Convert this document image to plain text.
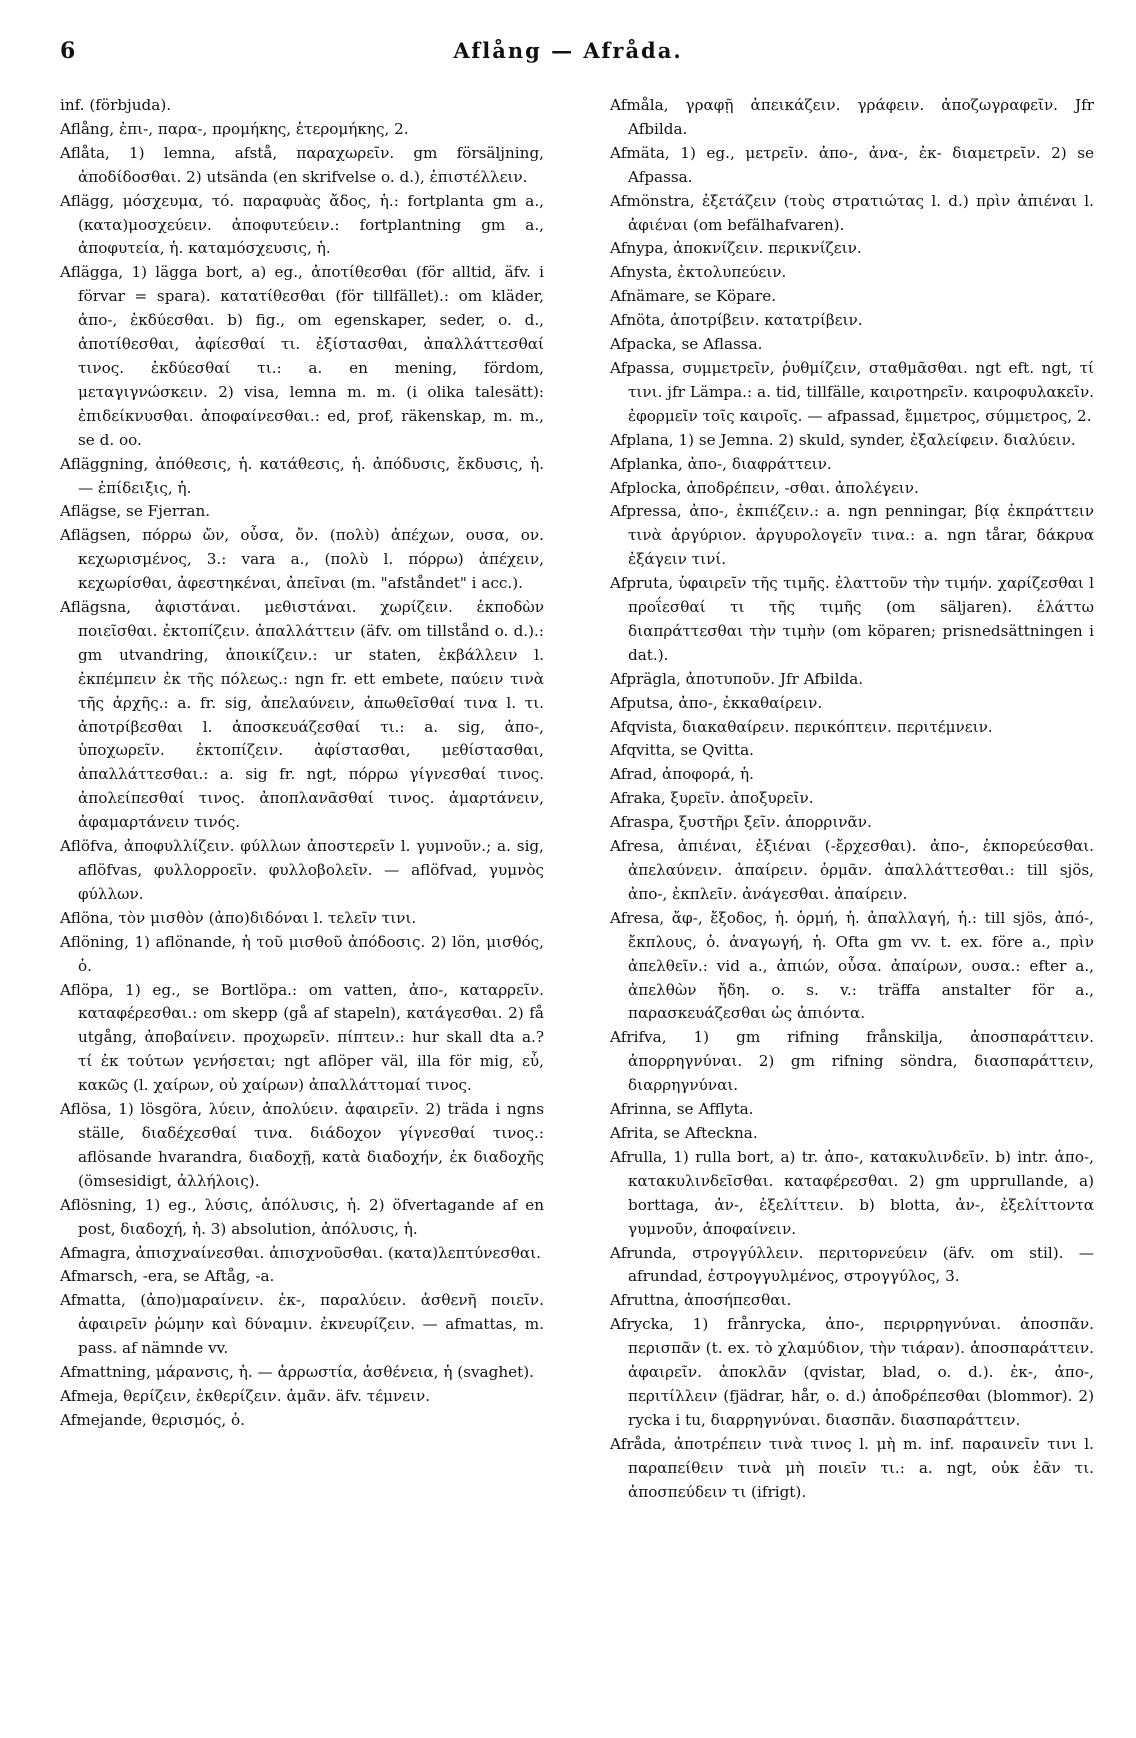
6	Aflång — Afråda.

inf. (förbjuda).

Aflång, ἐπι-, παρα-, προμήκης, ἑτερομήκης, 2.

Aflåta, 1) lemna, afstå, παραχωρεῖν. gm försäljning, ἀποδίδοσθαι. 2) utsända (en skrifvelse o. d.), ἐπιστέλλειν.

Aflägg, μόσχευμα, τό. παραφυὰς ἄδος, ἡ.: fortplanta gm a., (κατα)μοσχεύειν. ἀποφυτεύειν.: fortplantning gm a., ἀποφυτεία, ἡ. καταμόσχευσις, ἡ.

Aflägga, 1) lägga bort, a) eg., ἀποτίθεσθαι (för alltid, äfv. i förvar = spara). κατατίθεσθαι (för tillfället).: om kläder, ἀπο-, ἐκδύεσθαι. b) fig., om egenskaper, seder, o. d., ἀποτίθεσθαι, ἀφίεσθαί τι. ἐξίστασθαι, ἀπαλλάττεσθαί τινος. ἐκδύεσθαί τι.: a. en mening, fördom, μεταγιγνώσκειν. 2) visa, lemna m. m. (i olika talesätt): ἐπιδείκνυσθαι. ἀποφαίνεσθαι.: ed, prof, räkenskap, m. m., se d. oo.

Afläggning, ἀπόθεσις, ἡ. κατάθεσις, ἡ. ἀπόδυσις, ἔκδυσις, ἡ. — ἐπίδειξις, ἡ.

Aflägse, se Fjerran.

Aflägsen, πόρρω ὤν, οὖσα, ὄν. (πολὺ) ἀπέχων, ουσα, ον. κεχωρισμένος, 3.: vara a., (πολὺ l. πόρρω) ἀπέχειν, κεχωρίσθαι, ἀφεστηκέναι, ἀπεῖναι (m. "afståndet" i acc.).

Aflägsna, ἀφιστάναι. μεθιστάναι. χωρίζειν. ἐκποδὼν ποιεῖσθαι. ἐκτοπίζειν. ἀπαλλάττειν (äfv. om tillstånd o. d.).: gm utvandring, ἀποικίζειν.: ur staten, ἐκβάλλειν l. ἐκπέμπειν ἐκ τῆς πόλεως.: ngn fr. ett embete, παύειν τινὰ τῆς ἀρχῆς.: a. fr. sig, ἀπελαύνειν, ἀπωθεῖσθαί τινα l. τι. ἀποτρίβεσθαι l. ἀποσκευάζεσθαί τι.: a. sig, ἀπο-, ὑποχωρεῖν. ἐκτοπίζειν. ἀφίστασθαι, μεθίστασθαι, ἀπαλλάττεσθαι.: a. sig fr. ngt, πόρρω γίγνεσθαί τινος. ἀπολείπεσθαί τινος. ἀποπλανᾶσθαί τινος. ἁμαρτάνειν, ἀφαμαρτάνειν τινός.

Aflöfva, ἀποφυλλίζειν. φύλλων ἀποστερεῖν l. γυμνοῦν.; a. sig, aflöfvas, φυλλορροεῖν. φυλλοβολεῖν. — aflöfvad, γυμνὸς φύλλων.

Aflöna, τὸν μισθὸν (ἀπο)διδόναι l. τελεῖν τινι.

Aflöning, 1) aflönande, ἡ τοῦ μισθοῦ ἀπόδοσις. 2) lön, μισθός, ὁ.

Aflöpa, 1) eg., se Bortlöpa.: om vatten, ἀπο-, καταρρεῖν. καταφέρεσθαι.: om skepp (gå af stapeln), κατάγεσθαι. 2) få utgång, ἀποβαίνειν. προχωρεῖν. πίπτειν.: hur skall dta a.? τί ἐκ τούτων γενήσεται; ngt aflöper väl, illa för mig, εὖ, κακῶς (l. χαίρων, οὐ χαίρων) ἀπαλλάττομαί τινος.

Aflösa, 1) lösgöra, λύειν, ἀπολύειν. ἀφαιρεῖν. 2) träda i ngns ställe, διαδέχεσθαί τινα. διάδοχον γίγνεσθαί τινος.: aflösande hvarandra, διαδοχῇ, κατὰ διαδοχήν, ἐκ διαδοχῆς (ömsesidigt, ἀλλήλοις).

Aflösning, 1) eg., λύσις, ἀπόλυσις, ἡ. 2) öfvertagande af en post, διαδοχή, ἡ. 3) absolution, ἀπόλυσις, ἡ.

Afmagra, ἀπισχναίνεσθαι. ἀπισχνοῦσθαι. (κατα)λεπτύνεσθαι.

Afmarsch, -era, se Aftåg, -a.

Afmatta, (ἀπο)μαραίνειν. ἐκ-, παραλύειν. ἀσθενῆ ποιεῖν. ἀφαιρεῖν ῥώμην καὶ δύναμιν. ἐκνευρίζειν. — afmattas, m. pass. af nämnde vv.

Afmattning, μάρανσις, ἡ. — ἀρρωστία, ἀσθένεια, ἡ (svaghet).

Afmeja, θερίζειν, ἐκθερίζειν. ἀμᾶν. äfv. τέμνειν.

Afmejande, θερισμός, ὁ.

Afmåla, γραφῇ ἀπεικάζειν. γράφειν. ἀποζωγραφεῖν. Jfr Afbilda.

Afmäta, 1) eg., μετρεῖν. ἀπο-, ἀνα-, ἐκ- διαμετρεῖν. 2) se Afpassa.

Afmönstra, ἐξετάζειν (τοὺς στρατιώτας l. d.) πρὶν ἀπιέναι l. ἀφιέναι (om befälhafvaren).

Afnypa, ἀποκνίζειν. περικνίζειν.

Afnysta, ἐκτολυπεύειν.

Afnämare, se Köpare.

Afnöta, ἀποτρίβειν. κατατρίβειν.

Afpacka, se Aflassa.

Afpassa, συμμετρεῖν, ῥυθμίζειν, σταθμᾶσθαι. ngt eft. ngt, τί τινι. jfr Lämpa.: a. tid, tillfälle, καιροτηρεῖν. καιροφυλακεῖν. ἐφορμεῖν τοῖς καιροῖς. — afpassad, ἔμμετρος, σύμμετρος, 2.

Afplana, 1) se Jemna. 2) skuld, synder, ἐξαλείφειν. διαλύειν.

Afplanka, ἀπο-, διαφράττειν.

Afplocka, ἀποδρέπειν, -σθαι. ἀπολέγειν.

Afpressa, ἀπο-, ἐκπιέζειν.: a. ngn penningar, βίᾳ ἐκπράττειν τινὰ ἀργύριον. ἀργυρολογεῖν τινα.: a. ngn tårar, δάκρυα ἐξάγειν τινί.

Afpruta, ὑφαιρεῖν τῆς τιμῆς. ἐλαττοῦν τὴν τιμήν. χαρίζεσθαι l προΐεσθαί τι τῆς τιμῆς (om säljaren). ἐλάττω διαπράττεσθαι τὴν τιμὴν (om köparen; prisnedsättningen i dat.).

Afprägla, ἀποτυποῦν. Jfr Afbilda.

Afputsa, ἀπο-, ἐκκαθαίρειν.

Afqvista, διακαθαίρειν. περικόπτειν. περιτέμνειν.

Afqvitta, se Qvitta.

Afrad, ἀποφορά, ἡ.

Afraka, ξυρεῖν. ἀποξυρεῖν.

Afraspa, ξυστῆρι ξεῖν. ἀπορρινᾶν.

Afresa, ἀπιέναι, ἐξιέναι (-ἔρχεσθαι). ἀπο-, ἐκπορεύεσθαι. ἀπελαύνειν. ἀπαίρειν. ὁρμᾶν. ἀπαλλάττεσθαι.: till sjös, ἀπο-, ἐκπλεῖν. ἀνάγεσθαι. ἀπαίρειν.

Afresa, ἄφ-, ἔξοδος, ἡ. ὁρμή, ἡ. ἀπαλλαγή, ἡ.: till sjös, ἀπό-, ἔκπλους, ὁ. ἀναγωγή, ἡ. Ofta gm vv. t. ex. före a., πρὶν ἀπελθεῖν.: vid a., ἀπιών, οὖσα. ἀπαίρων, ουσα.: efter a., ἀπελθὼν ἤδη. o. s. v.: träffa anstalter för a., παρασκευάζεσθαι ὡς ἀπιόντα.

Afrifva, 1) gm rifning frånskilja, ἀποσπαράττειν. ἀπορρηγνύναι. 2) gm rifning söndra, διασπαράττειν, διαρρηγνύναι.

Afrinna, se Afflyta.

Afrita, se Afteckna.

Afrulla, 1) rulla bort, a) tr. ἀπο-, κατακυλινδεῖν. b) intr. ἀπο-, κατακυλινδεῖσθαι. καταφέρεσθαι. 2) gm upprullande, a) borttaga, ἀν-, ἐξελίττειν. b) blotta, ἀν-, ἐξελίττοντα γυμνοῦν, ἀποφαίνειν.

Afrunda, στρογγύλλειν. περιτορνεύειν (äfv. om stil). — afrundad, ἐστρογγυλμένος, στρογγύλος, 3.

Afruttna, ἀποσήπεσθαι.

Afrycka, 1) frånrycka, ἀπο-, περιρρηγνύναι. ἀποσπᾶν. περισπᾶν (t. ex. τὸ χλαμύδιον, τὴν τιάραν). ἀποσπαράττειν. ἀφαιρεῖν. ἀποκλᾶν (qvistar, blad, o. d.). ἐκ-, ἀπο-, περιτίλλειν (fjädrar, hår, o. d.) ἀποδρέπεσθαι (blommor). 2) rycka i tu, διαρρηγνύναι. διασπᾶν. διασπαράττειν.

Afråda, ἀποτρέπειν τινὰ τινος l. μὴ m. inf. παραινεῖν τινι l. παραπείθειν τινὰ μὴ ποιεῖν τι.: a. ngt, οὐκ ἐᾶν τι. ἀποσπεύδειν τι (ifrigt).
